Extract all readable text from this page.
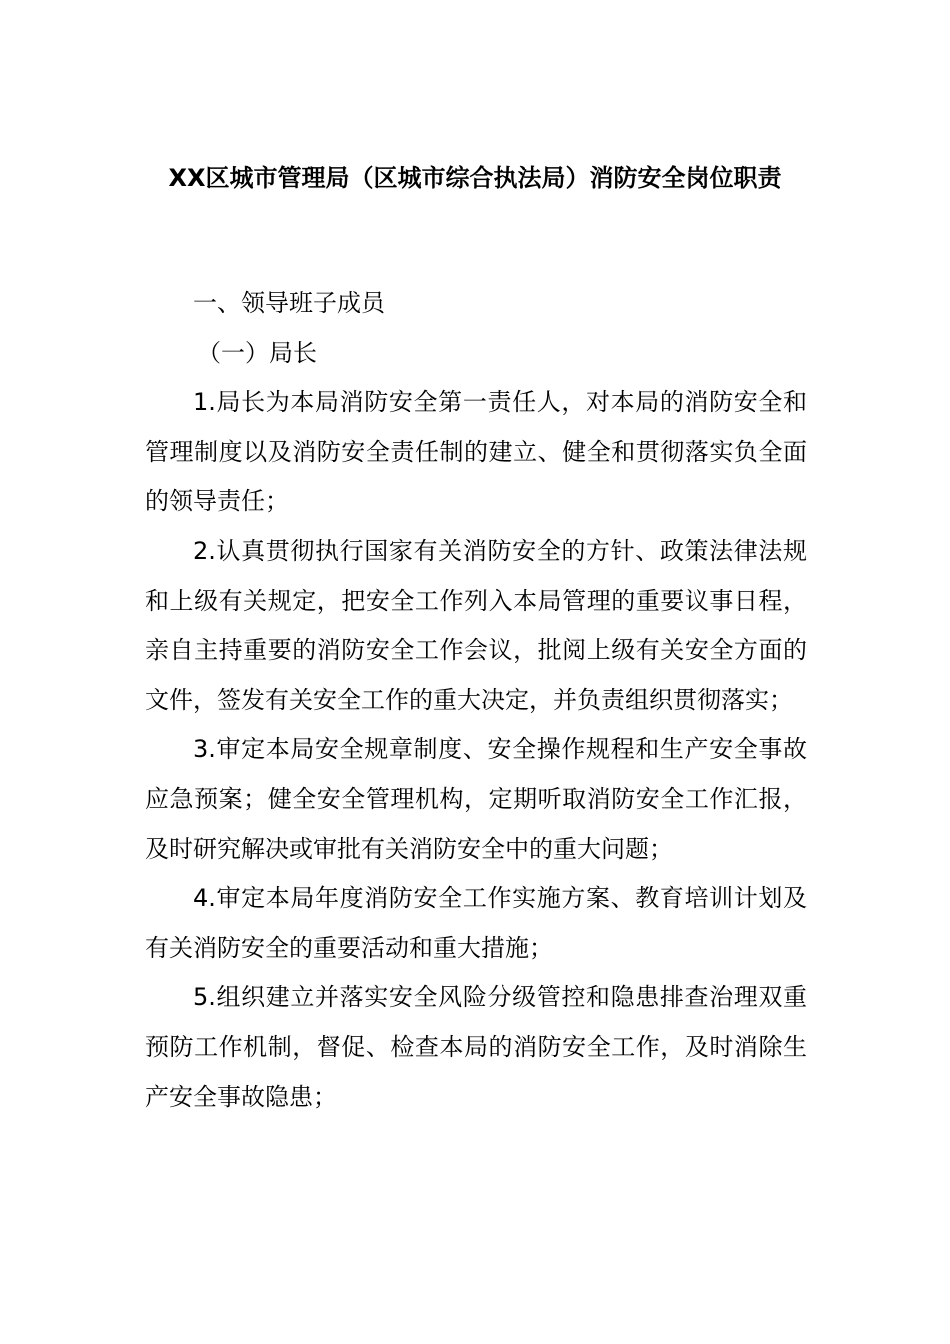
XX区城市管理局（区城市综合执法局）消防安全岗位职责

一、领导班子成员

（一）局长

1.局长为本局消防安全第一责任人，对本局的消防安全和管理制度以及消防安全责任制的建立、健全和贯彻落实负全面的领导责任；

2.认真贯彻执行国家有关消防安全的方针、政策法律法规和上级有关规定，把安全工作列入本局管理的重要议事日程，亲自主持重要的消防安全工作会议，批阅上级有关安全方面的文件，签发有关安全工作的重大决定，并负责组织贯彻落实；

3.审定本局安全规章制度、安全操作规程和生产安全事故应急预案；健全安全管理机构，定期听取消防安全工作汇报，及时研究解决或审批有关消防安全中的重大问题；

4.审定本局年度消防安全工作实施方案、教育培训计划及有关消防安全的重要活动和重大措施；

5.组织建立并落实安全风险分级管控和隐患排查治理双重预防工作机制，督促、检查本局的消防安全工作，及时消除生产安全事故隐患；
